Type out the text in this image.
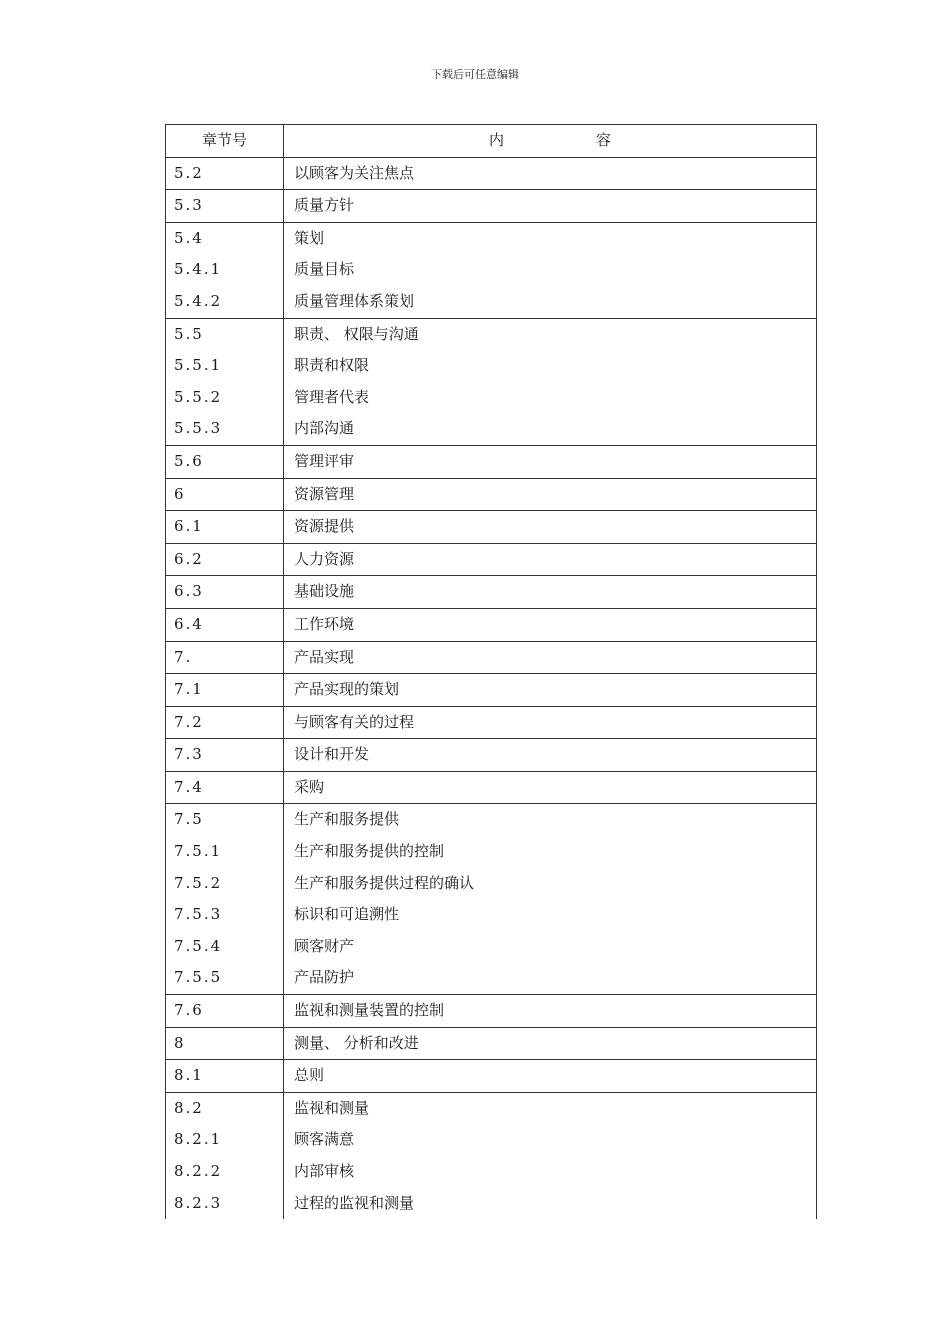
下载后可任意编辑
章节号	内 容
5.2	以顾客为关注焦点
5.3	质量方针
5.4	策划
5.4.1	质量目标
5.4.2	质量管理体系策划
5.5	职责、 权限与沟通
5.5.1	职责和权限
5.5.2	管理者代表
5.5.3	内部沟通
5.6	管理评审
6	资源管理
6.1	资源提供
6.2	人力资源
6.3	基础设施
6.4	工作环境
7.	产品实现
7.1	产品实现的策划
7.2	与顾客有关的过程
7.3	设计和开发
7.4	采购
7.5	生产和服务提供
7.5.1	生产和服务提供的控制
7.5.2	生产和服务提供过程的确认
7.5.3	标识和可追溯性
7.5.4	顾客财产
7.5.5	产品防护
7.6	监视和测量装置的控制
8	测量、 分析和改进
8.1	总则
8.2	监视和测量
8.2.1	顾客满意
8.2.2	内部审核
8.2.3	过程的监视和测量
